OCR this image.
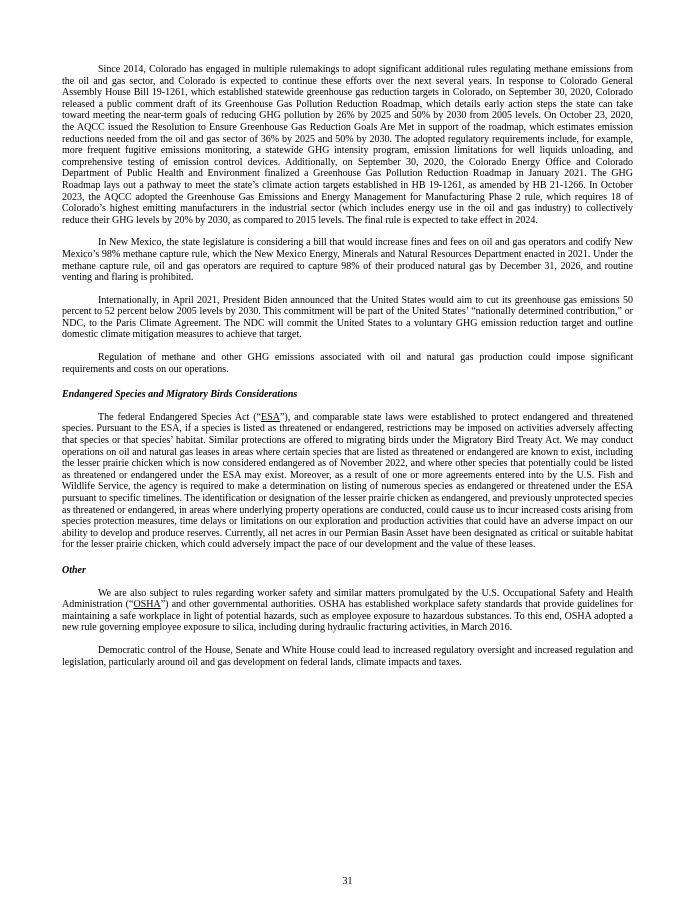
Since 2014, Colorado has engaged in multiple rulemakings to adopt significant additional rules regulating methane emissions from the oil and gas sector, and Colorado is expected to continue these efforts over the next several years. In response to Colorado General Assembly House Bill 19-1261, which established statewide greenhouse gas reduction targets in Colorado, on September 30, 2020, Colorado released a public comment draft of its Greenhouse Gas Pollution Reduction Roadmap, which details early action steps the state can take toward meeting the near-term goals of reducing GHG pollution by 26% by 2025 and 50% by 2030 from 2005 levels. On October 23, 2020, the AQCC issued the Resolution to Ensure Greenhouse Gas Reduction Goals Are Met in support of the roadmap, which estimates emission reductions needed from the oil and gas sector of 36% by 2025 and 50% by 2030. The adopted regulatory requirements include, for example, more frequent fugitive emissions monitoring, a statewide GHG intensity program, emission limitations for well liquids unloading, and comprehensive testing of emission control devices. Additionally, on September 30, 2020, the Colorado Energy Office and Colorado Department of Public Health and Environment finalized a Greenhouse Gas Pollution Reduction Roadmap in January 2021. The GHG Roadmap lays out a pathway to meet the state’s climate action targets established in HB 19-1261, as amended by HB 21-1266. In October 2023, the AQCC adopted the Greenhouse Gas Emissions and Energy Management for Manufacturing Phase 2 rule, which requires 18 of Colorado’s highest emitting manufacturers in the industrial sector (which includes energy use in the oil and gas industry) to collectively reduce their GHG levels by 20% by 2030, as compared to 2015 levels. The final rule is expected to take effect in 2024.

In New Mexico, the state legislature is considering a bill that would increase fines and fees on oil and gas operators and codify New Mexico’s 98% methane capture rule, which the New Mexico Energy, Minerals and Natural Resources Department enacted in 2021. Under the methane capture rule, oil and gas operators are required to capture 98% of their produced natural gas by December 31, 2026, and routine venting and flaring is prohibited.

Internationally, in April 2021, President Biden announced that the United States would aim to cut its greenhouse gas emissions 50 percent to 52 percent below 2005 levels by 2030. This commitment will be part of the United States’ “nationally determined contribution,” or NDC, to the Paris Climate Agreement. The NDC will commit the United States to a voluntary GHG emission reduction target and outline domestic climate mitigation measures to achieve that target.

Regulation of methane and other GHG emissions associated with oil and natural gas production could impose significant requirements and costs on our operations.

Endangered Species and Migratory Birds Considerations

The federal Endangered Species Act (“ESA”), and comparable state laws were established to protect endangered and threatened species. Pursuant to the ESA, if a species is listed as threatened or endangered, restrictions may be imposed on activities adversely affecting that species or that species’ habitat. Similar protections are offered to migrating birds under the Migratory Bird Treaty Act. We may conduct operations on oil and natural gas leases in areas where certain species that are listed as threatened or endangered are known to exist, including the lesser prairie chicken which is now considered endangered as of November 2022, and where other species that potentially could be listed as threatened or endangered under the ESA may exist. Moreover, as a result of one or more agreements entered into by the U.S. Fish and Wildlife Service, the agency is required to make a determination on listing of numerous species as endangered or threatened under the ESA pursuant to specific timelines. The identification or designation of the lesser prairie chicken as endangered, and previously unprotected species as threatened or endangered, in areas where underlying property operations are conducted, could cause us to incur increased costs arising from species protection measures, time delays or limitations on our exploration and production activities that could have an adverse impact on our ability to develop and produce reserves. Currently, all net acres in our Permian Basin Asset have been designated as critical or suitable habitat for the lesser prairie chicken, which could adversely impact the pace of our development and the value of these leases.

Other

We are also subject to rules regarding worker safety and similar matters promulgated by the U.S. Occupational Safety and Health Administration (“OSHA”) and other governmental authorities. OSHA has established workplace safety standards that provide guidelines for maintaining a safe workplace in light of potential hazards, such as employee exposure to hazardous substances. To this end, OSHA adopted a new rule governing employee exposure to silica, including during hydraulic fracturing activities, in March 2016.

Democratic control of the House, Senate and White House could lead to increased regulatory oversight and increased regulation and legislation, particularly around oil and gas development on federal lands, climate impacts and taxes.

31
